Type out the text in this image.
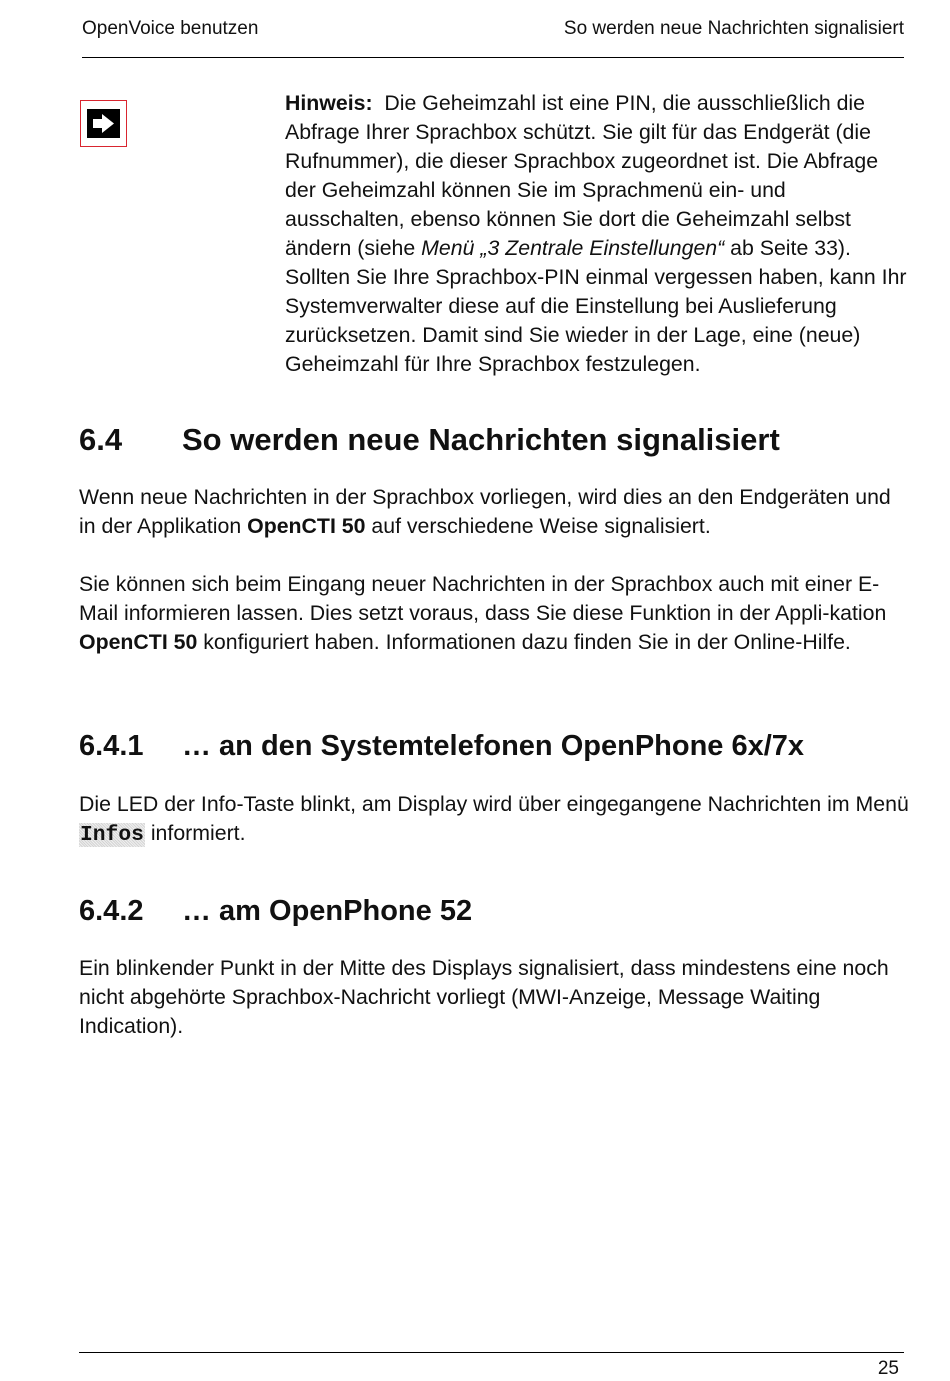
OpenVoice benutzen	So werden neue Nachrichten signalisiert
Hinweis: Die Geheimzahl ist eine PIN, die ausschließlich die Abfrage Ihrer Sprachbox schützt. Sie gilt für das Endgerät (die Rufnummer), die dieser Sprachbox zugeordnet ist. Die Abfrage der Geheimzahl können Sie im Sprachmenü ein- und ausschalten, ebenso können Sie dort die Geheimzahl selbst ändern (siehe Menü „3 Zentrale Einstellungen“ ab Seite 33). Sollten Sie Ihre Sprachbox-PIN einmal vergessen haben, kann Ihr Systemverwalter diese auf die Einstellung bei Auslieferung zurücksetzen. Damit sind Sie wieder in der Lage, eine (neue) Geheimzahl für Ihre Sprachbox festzulegen.
6.4 So werden neue Nachrichten signalisiert
Wenn neue Nachrichten in der Sprachbox vorliegen, wird dies an den Endgeräten und in der Applikation OpenCTI 50 auf verschiedene Weise signalisiert.
Sie können sich beim Eingang neuer Nachrichten in der Sprachbox auch mit einer E-Mail informieren lassen. Dies setzt voraus, dass Sie diese Funktion in der Appli-kation OpenCTI 50 konfiguriert haben. Informationen dazu finden Sie in der Online-Hilfe.
6.4.1 … an den Systemtelefonen OpenPhone 6x/7x
Die LED der Info-Taste blinkt, am Display wird über eingegangene Nachrichten im Menü Infos informiert.
6.4.2 … am OpenPhone 52
Ein blinkender Punkt in der Mitte des Displays signalisiert, dass mindestens eine noch nicht abgehörte Sprachbox-Nachricht vorliegt (MWI-Anzeige, Message Waiting Indication).
25
